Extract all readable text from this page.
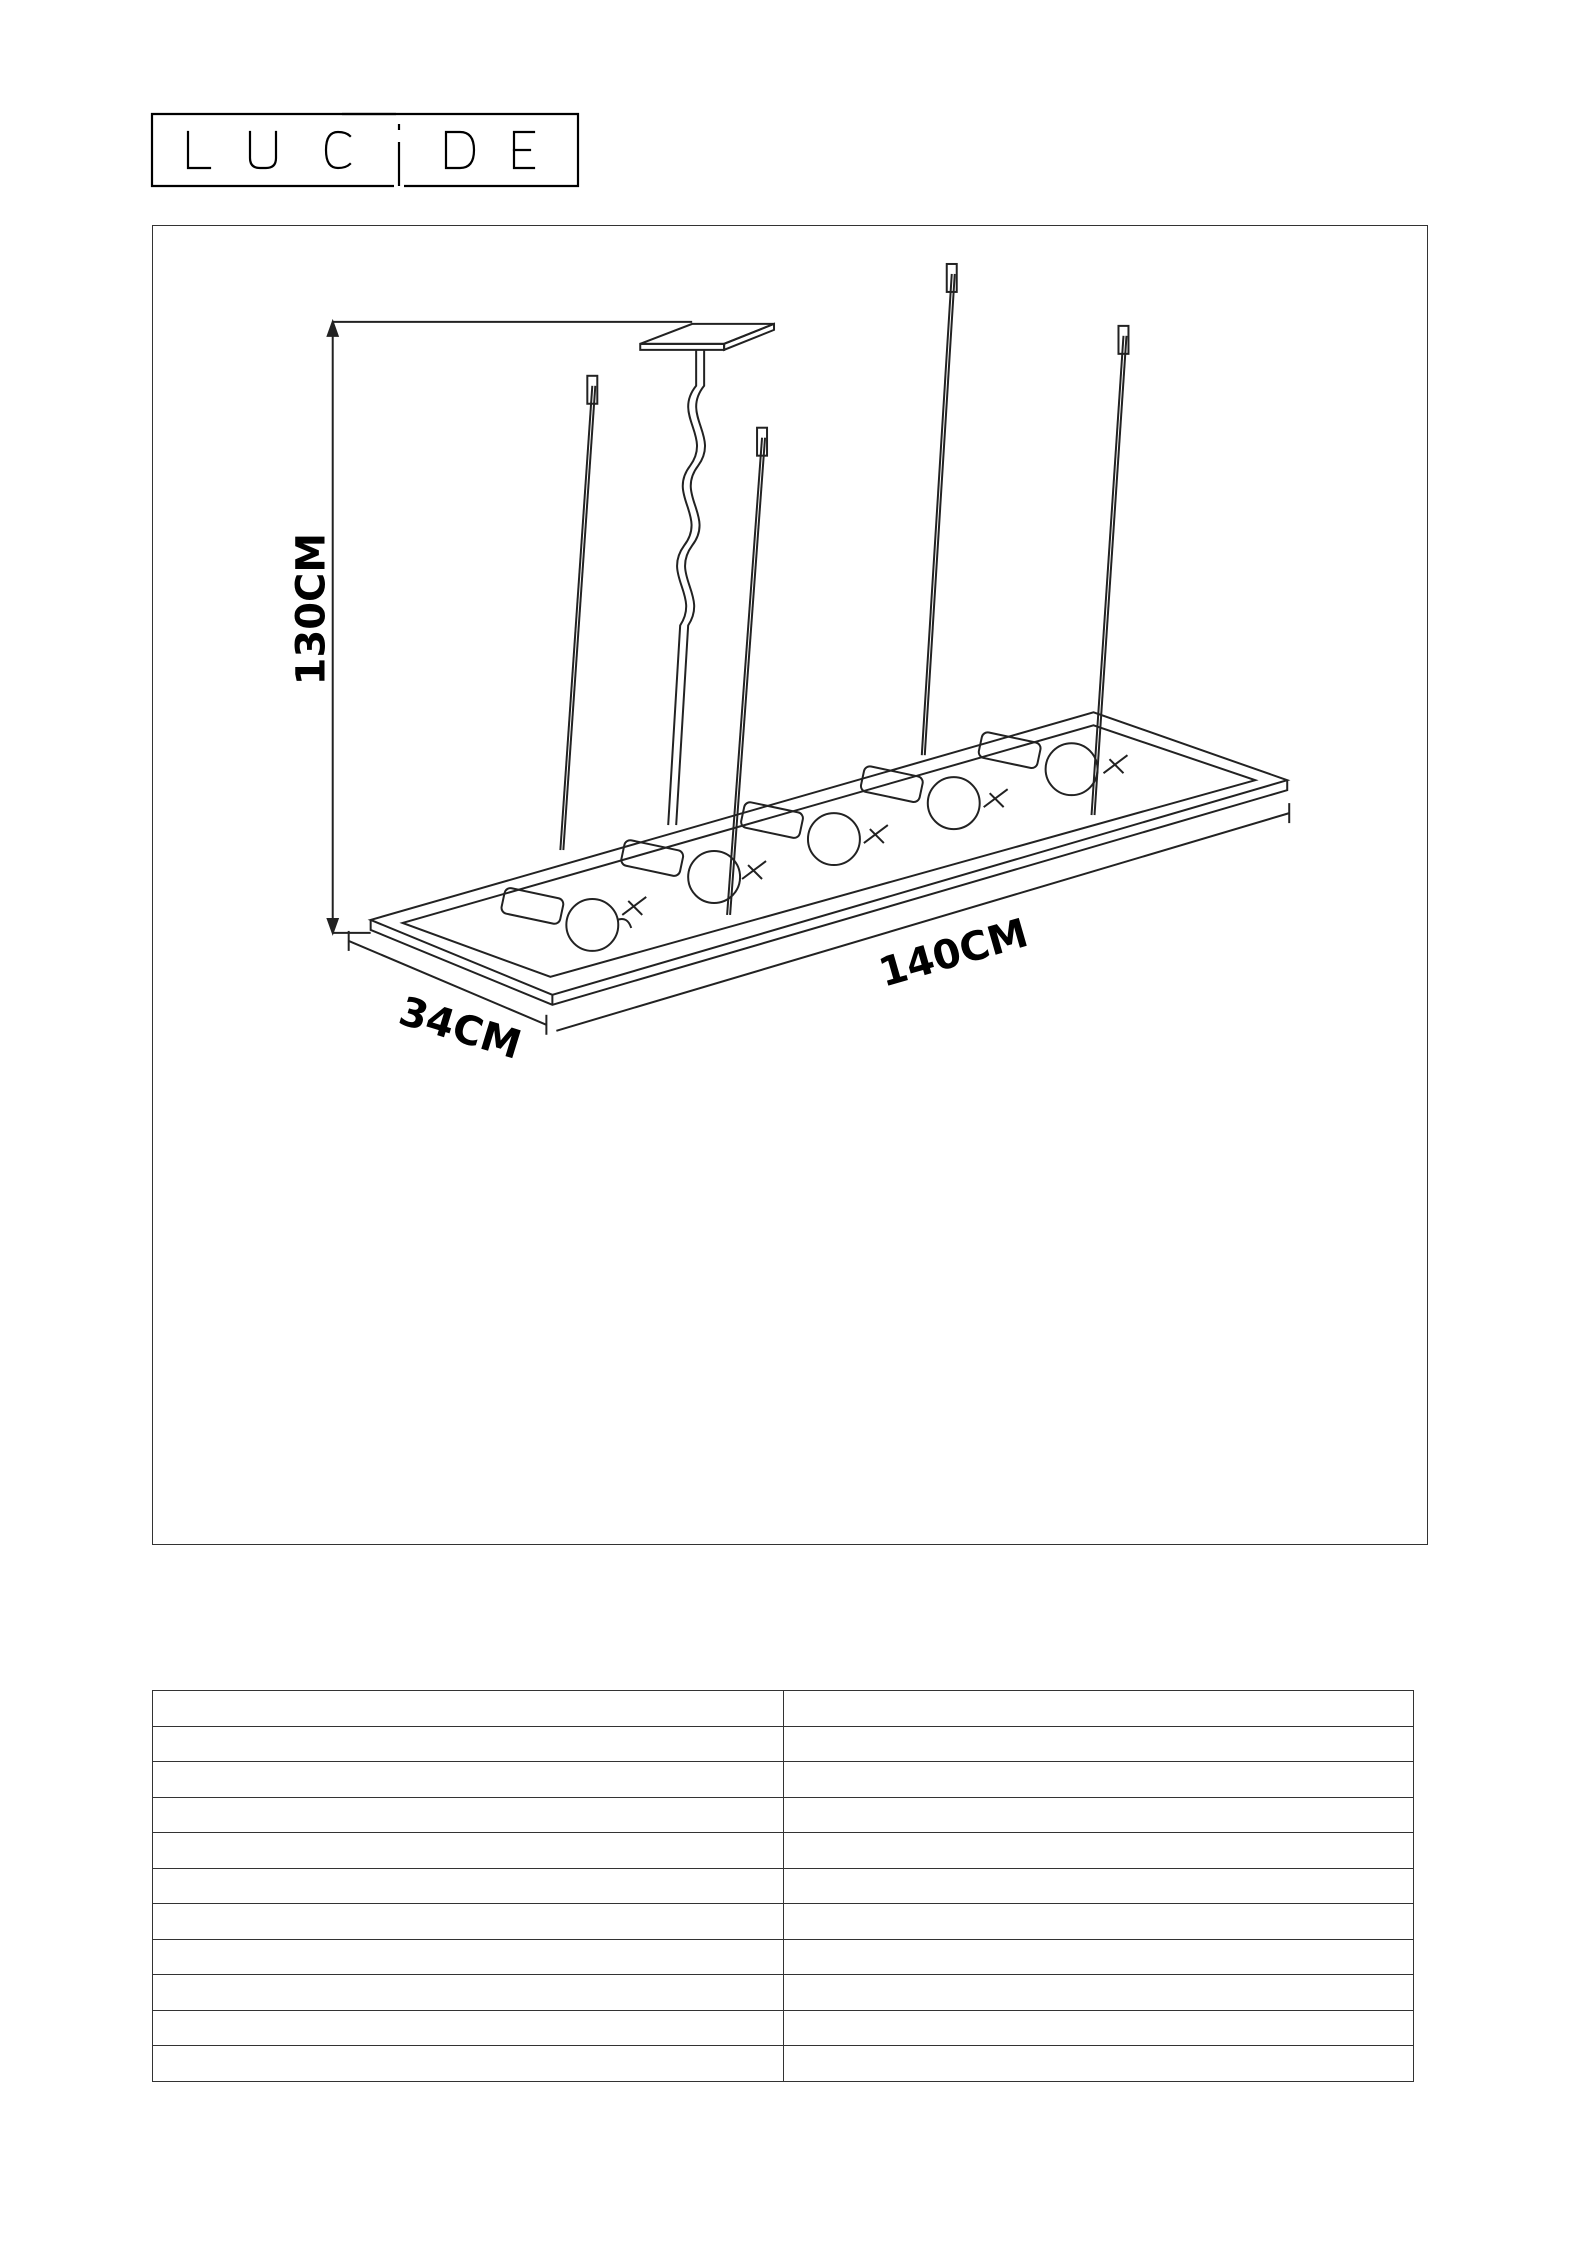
130CM
140CM
34CM
